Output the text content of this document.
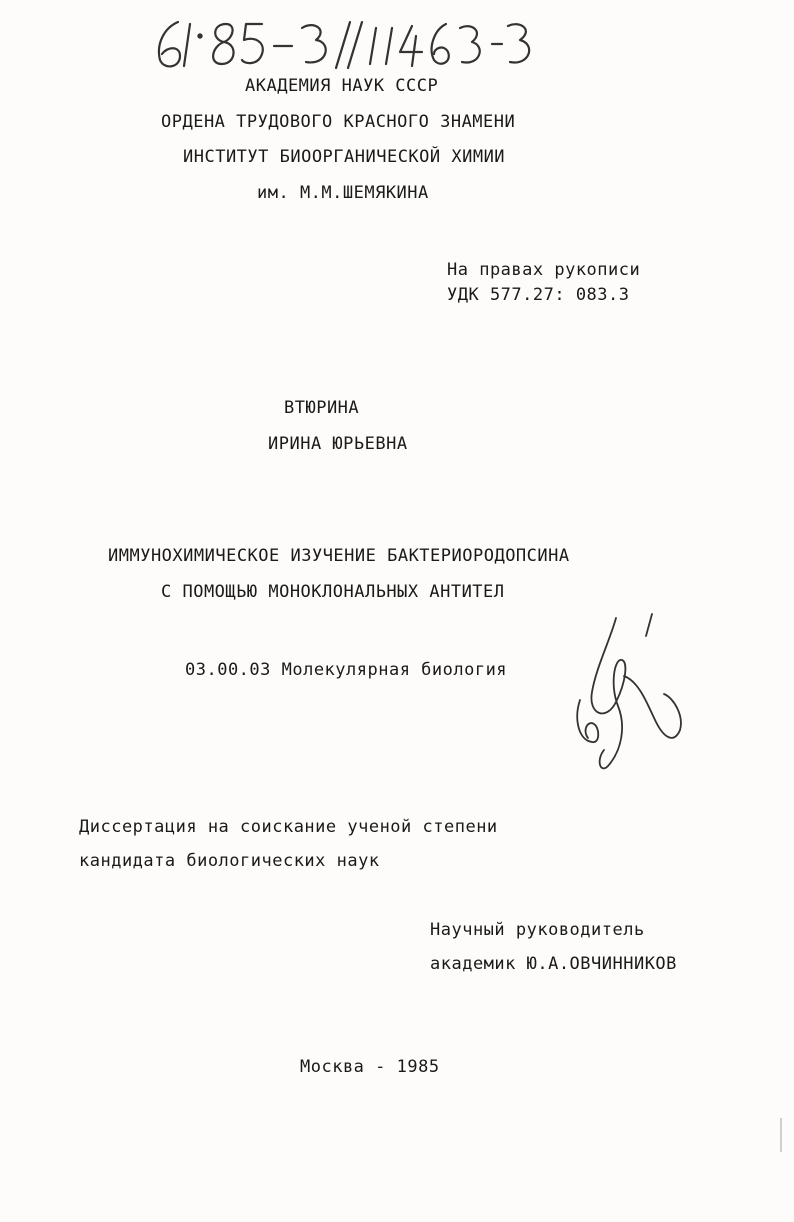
АКАДЕМИЯ НАУК СССР
ОРДЕНА ТРУДОВОГО КРАСНОГО ЗНАМЕНИ
ИНСТИТУТ БИООРГАНИЧЕСКОЙ ХИМИИ
им. М.М.ШЕМЯКИНА
На правах рукописи
УДК 577.27: 083.3
ВТЮРИНА
ИРИНА ЮРЬЕВНА
ИММУНОХИМИЧЕСКОЕ ИЗУЧЕНИЕ БАКТЕРИОРОДОПСИНА
С ПОМОЩЬЮ МОНОКЛОНАЛЬНЫХ АНТИТЕЛ
03.00.03 Молекулярная биология
Диссертация на соискание ученой степени
кандидата биологических наук
Научный руководитель
академик Ю.А.ОВЧИННИКОВ
Москва - 1985
